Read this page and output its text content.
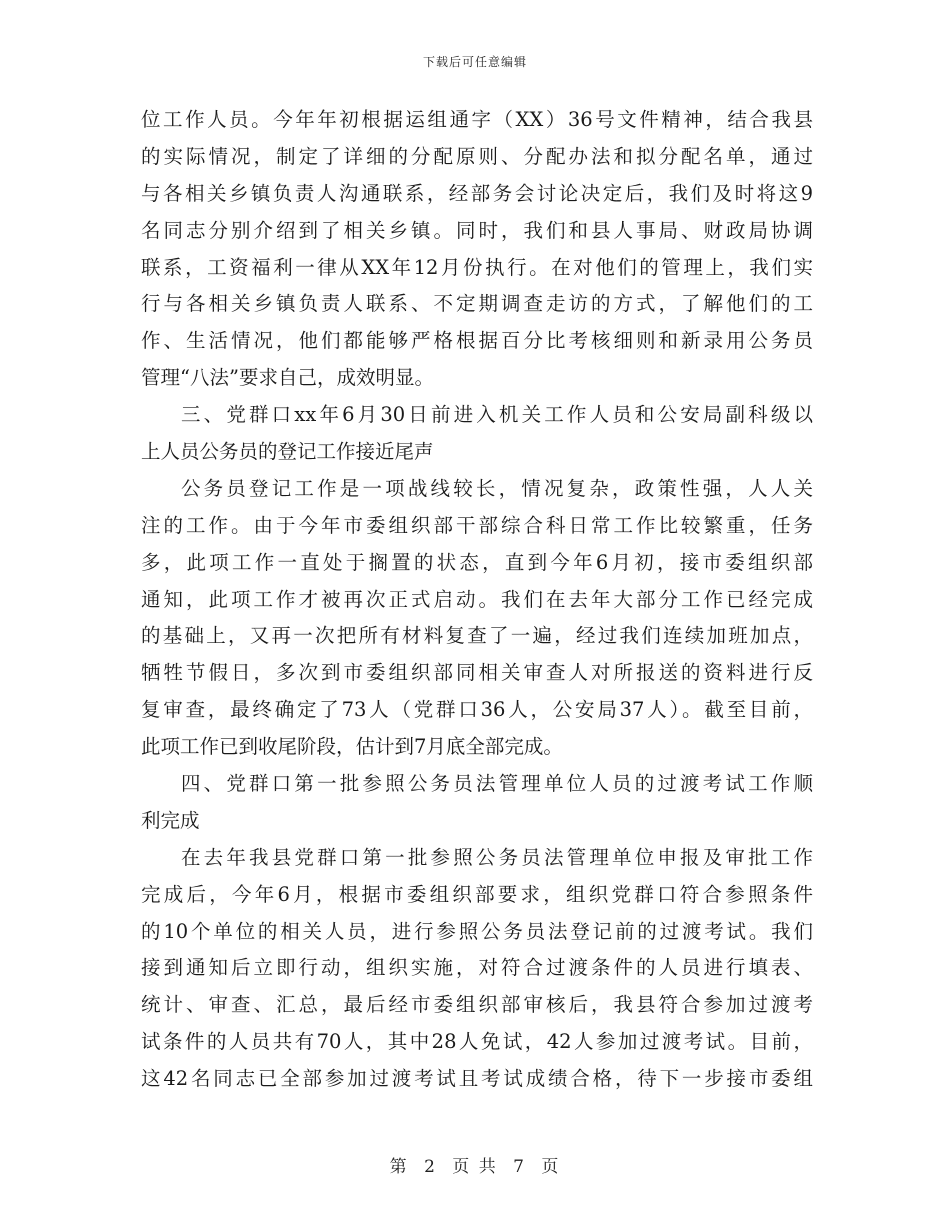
下载后可任意编辑
位工作人员。今年年初根据运组通字（XX）36号文件精神，结合我县
的实际情况，制定了详细的分配原则、分配办法和拟分配名单，通过
与各相关乡镇负责人沟通联系，经部务会讨论决定后，我们及时将这9
名同志分别介绍到了相关乡镇。同时，我们和县人事局、财政局协调
联系，工资福利一律从XX年12月份执行。在对他们的管理上，我们实
行与各相关乡镇负责人联系、不定期调查走访的方式，了解他们的工
作、生活情况，他们都能够严格根据百分比考核细则和新录用公务员
管理“八法”要求自己，成效明显。
三、党群口xx年6月30日前进入机关工作人员和公安局副科级以
上人员公务员的登记工作接近尾声
公务员登记工作是一项战线较长，情况复杂，政策性强，人人关
注的工作。由于今年市委组织部干部综合科日常工作比较繁重，任务
多，此项工作一直处于搁置的状态，直到今年6月初，接市委组织部
通知，此项工作才被再次正式启动。我们在去年大部分工作已经完成
的基础上，又再一次把所有材料复查了一遍，经过我们连续加班加点，
牺牲节假日，多次到市委组织部同相关审查人对所报送的资料进行反
复审查，最终确定了73人（党群口36人，公安局37人）。截至目前，
此项工作已到收尾阶段，估计到7月底全部完成。
四、党群口第一批参照公务员法管理单位人员的过渡考试工作顺
利完成
在去年我县党群口第一批参照公务员法管理单位申报及审批工作
完成后，今年6月，根据市委组织部要求，组织党群口符合参照条件
的10个单位的相关人员，进行参照公务员法登记前的过渡考试。我们
接到通知后立即行动，组织实施，对符合过渡条件的人员进行填表、
统计、审查、汇总，最后经市委组织部审核后，我县符合参加过渡考
试条件的人员共有70人，其中28人免试，42人参加过渡考试。目前，
这42名同志已全部参加过渡考试且考试成绩合格，待下一步接市委组
第 2 页 共 7 页
